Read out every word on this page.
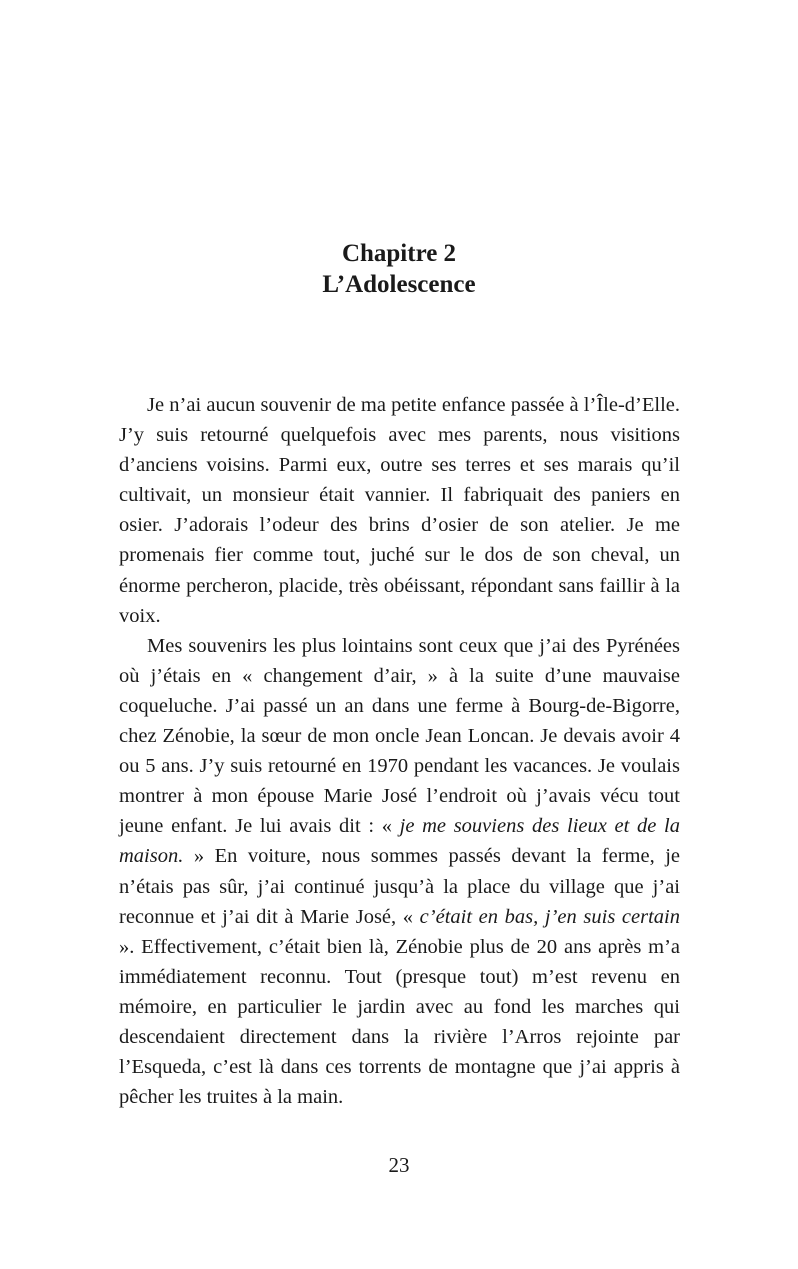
Chapitre 2
L’Adolescence

Je n’ai aucun souvenir de ma petite enfance passée à l’Île-d’Elle. J’y suis retourné quelquefois avec mes parents, nous visitions d’anciens voisins. Parmi eux, outre ses terres et ses marais qu’il cultivait, un monsieur était vannier. Il fabriquait des paniers en osier. J’adorais l’odeur des brins d’osier de son atelier. Je me promenais fier comme tout, juché sur le dos de son cheval, un énorme percheron, placide, très obéissant, répondant sans faillir à la voix.

Mes souvenirs les plus lointains sont ceux que j’ai des Pyrénées où j’étais en « changement d’air, » à la suite d’une mauvaise coqueluche. J’ai passé un an dans une ferme à Bourg-de-Bigorre, chez Zénobie, la sœur de mon oncle Jean Loncan. Je devais avoir 4 ou 5 ans. J’y suis retourné en 1970 pendant les vacances. Je voulais montrer à mon épouse Marie José l’endroit où j’avais vécu tout jeune enfant. Je lui avais dit : « je me souviens des lieux et de la maison. » En voiture, nous sommes passés devant la ferme, je n’étais pas sûr, j’ai continué jusqu’à la place du village que j’ai reconnue et j’ai dit à Marie José, « c’était en bas, j’en suis certain ». Effectivement, c’était bien là, Zénobie plus de 20 ans après m’a immédiatement reconnu. Tout (presque tout) m’est revenu en mémoire, en particulier le jardin avec au fond les marches qui descendaient directement dans la rivière l’Arros rejointe par l’Esqueda, c’est là dans ces torrents de montagne que j’ai appris à pêcher les truites à la main.

23
